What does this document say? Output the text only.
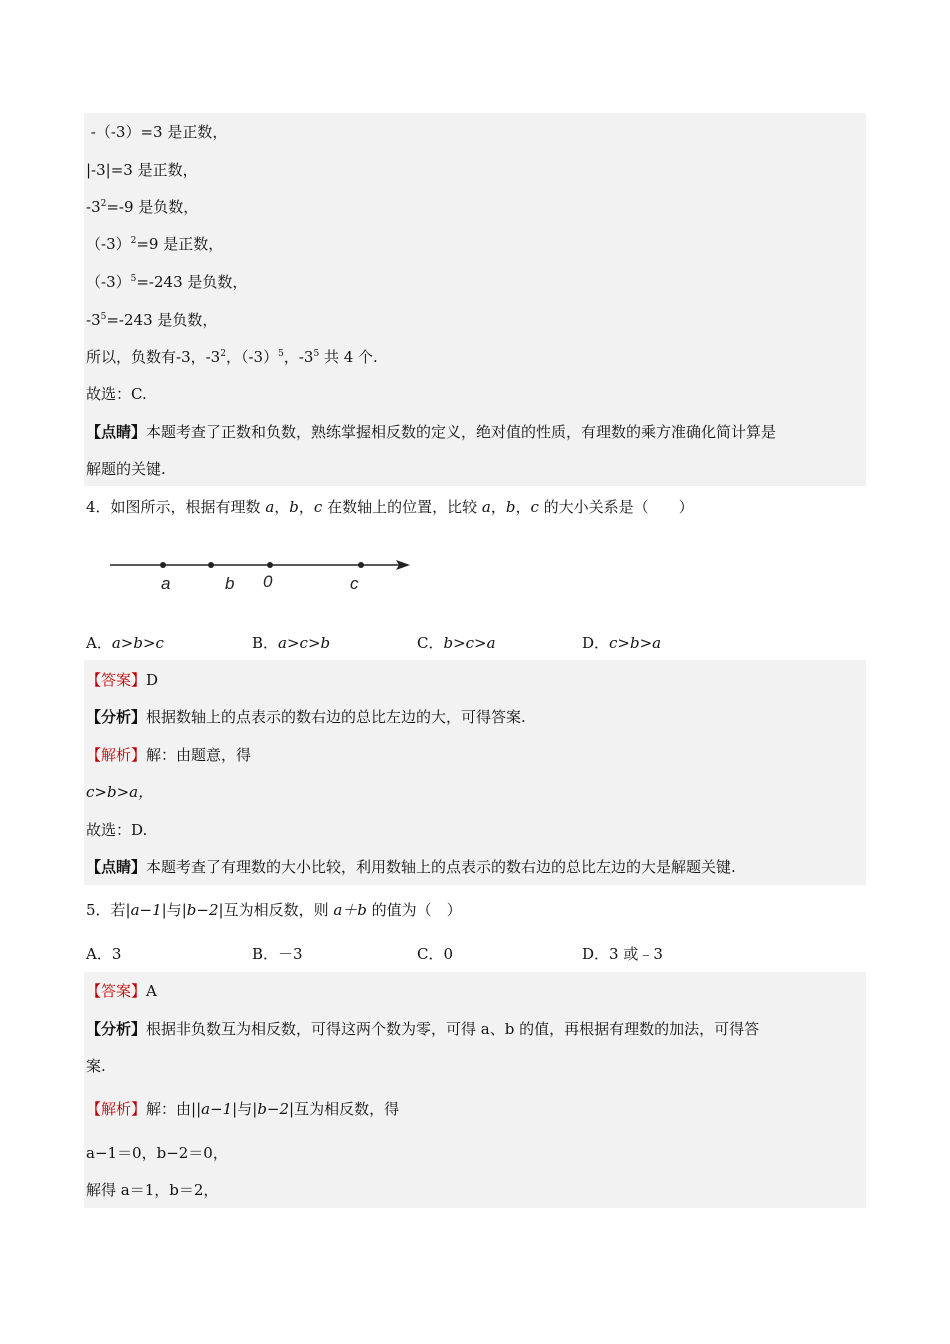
-（-3）=3 是正数，
|-3|=3 是正数，
$-3^2=-9$ 是负数，
$(-3)^2=9$ 是正数，
$(-3)^5=-243$ 是负数，
$-3^5=-243$ 是负数，
所以，负数有-3，$-3^2$，$(-3)^5$，$-3^5$ 共 4 个.
故选：C.
【点睛】本题考查了正数和负数，熟练掌握相反数的定义，绝对值的性质，有理数的乘方准确化简计算是
解题的关键.
4．如图所示，根据有理数 a，b，c 在数轴上的位置，比较 a，b，c 的大小关系是（　　）
a	b 0	c
A．a>b>c	B．a>c>b	C．b>c>a	D．c>b>a
【答案】D
【分析】根据数轴上的点表示的数右边的总比左边的大，可得答案.
【解析】解：由题意，得
c>b>a，
故选：D.
【点睛】本题考查了有理数的大小比较，利用数轴上的点表示的数右边的总比左边的大是解题关键.
5．若|a−1|与|b−2|互为相反数，则 a＋b 的值为（　）
A．3	B．－3	C．0	D．3 或﹣3
【答案】A
【分析】根据非负数互为相反数，可得这两个数为零，可得 a、b 的值，再根据有理数的加法，可得答
案.
【解析】解：由||a−1|与|b−2|互为相反数，得
a−1＝0，b−2＝0，
解得 a＝1，b＝2，
